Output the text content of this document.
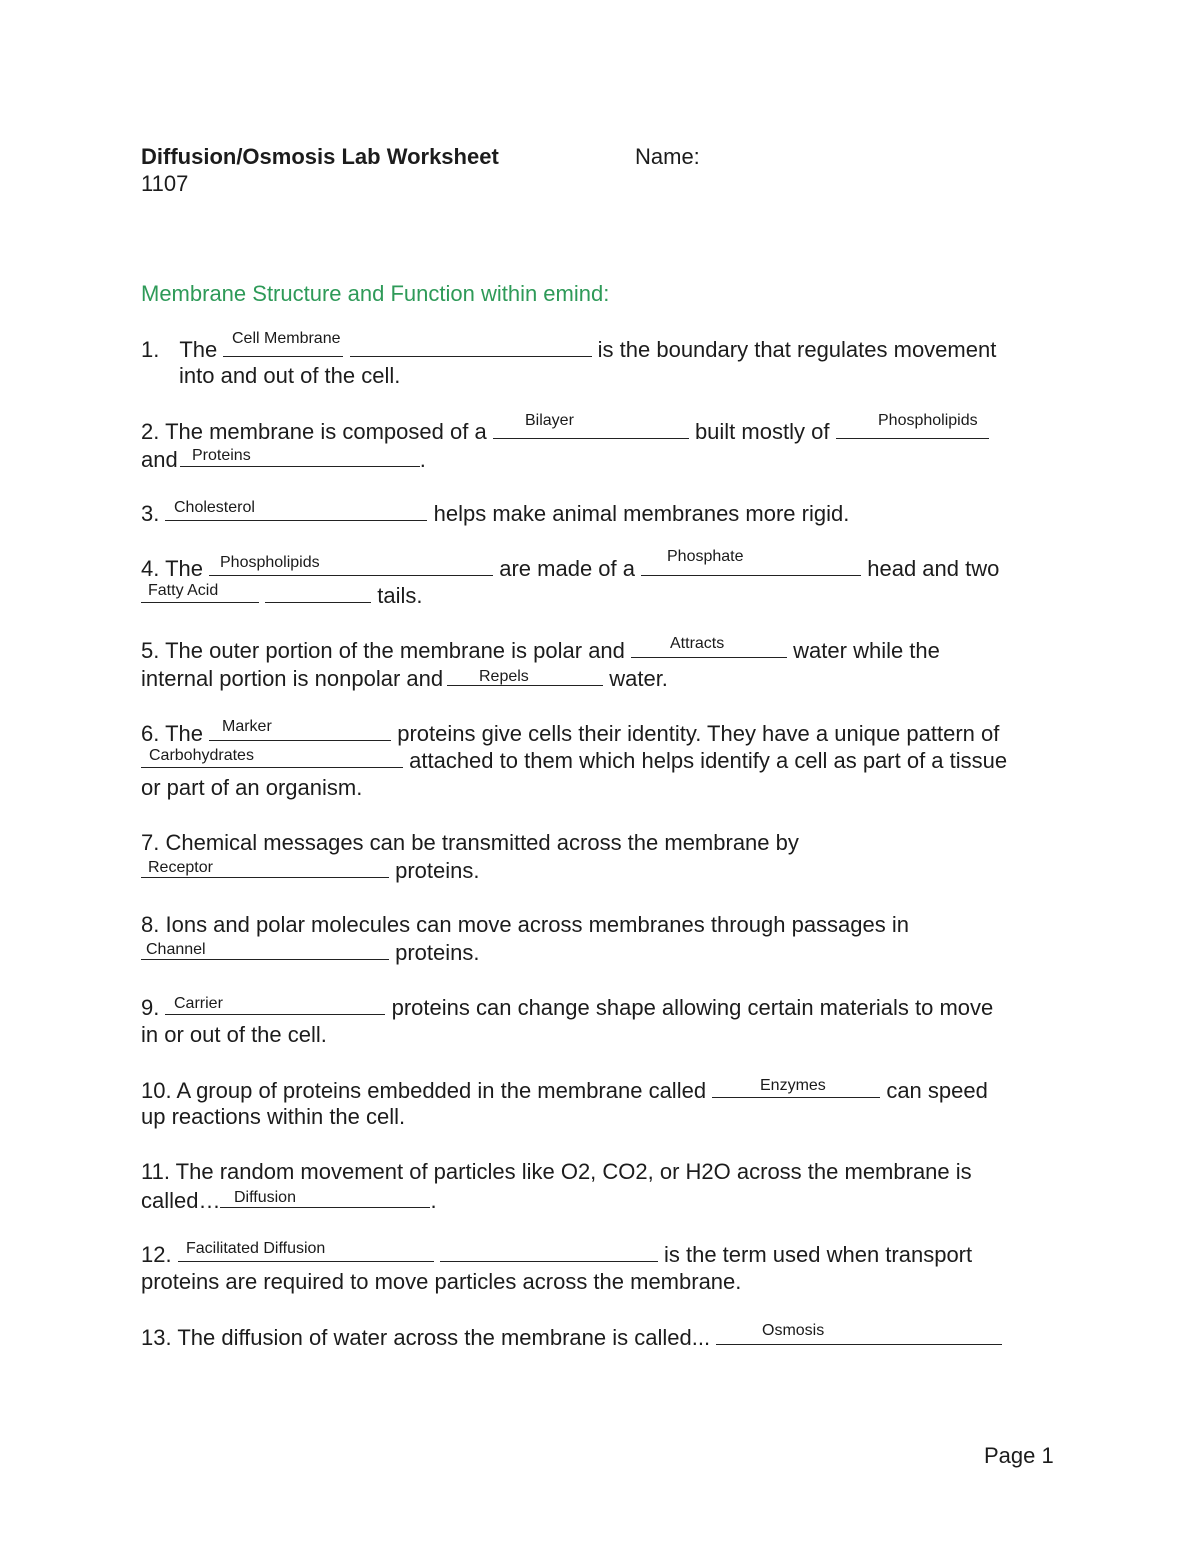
Diffusion/Osmosis Lab Worksheet	Name:
1107
Membrane Structure and Function within emind:
1. The	is the boundary that regulates movement
into and out of the cell.
Cell Membrane
2. The membrane is composed of a	built mostly of
and	.
Bilayer	Phospholipids
Proteins
3.	helps make animal membranes more rigid.
Cholesterol
4. The	are made of a	head and two
tails.
Phospholipids	Phosphate
Fatty Acid
5. The outer portion of the membrane is polar and	water while the
internal portion is nonpolar and	water.
Attracts
Repels
6. The	proteins give cells their identity. They have a unique pattern of
attached to them which helps identify a cell as part of a tissue
or part of an organism.
Marker
Carbohydrates
7. Chemical messages can be transmitted across the membrane by
proteins.
Receptor
8. Ions and polar molecules can move across membranes through passages in
proteins.
Channel
9.	proteins can change shape allowing certain materials to move
in or out of the cell.
Carrier
10. A group of proteins embedded in the membrane called	can speed
up reactions within the cell.
Enzymes
11. The random movement of particles like O2, CO2, or H2O across the membrane is
called…	.
Diffusion
12.	is the term used when transport
proteins are required to move particles across the membrane.
Facilitated Diffusion
13. The diffusion of water across the membrane is called...	Osmosis
Page 1
